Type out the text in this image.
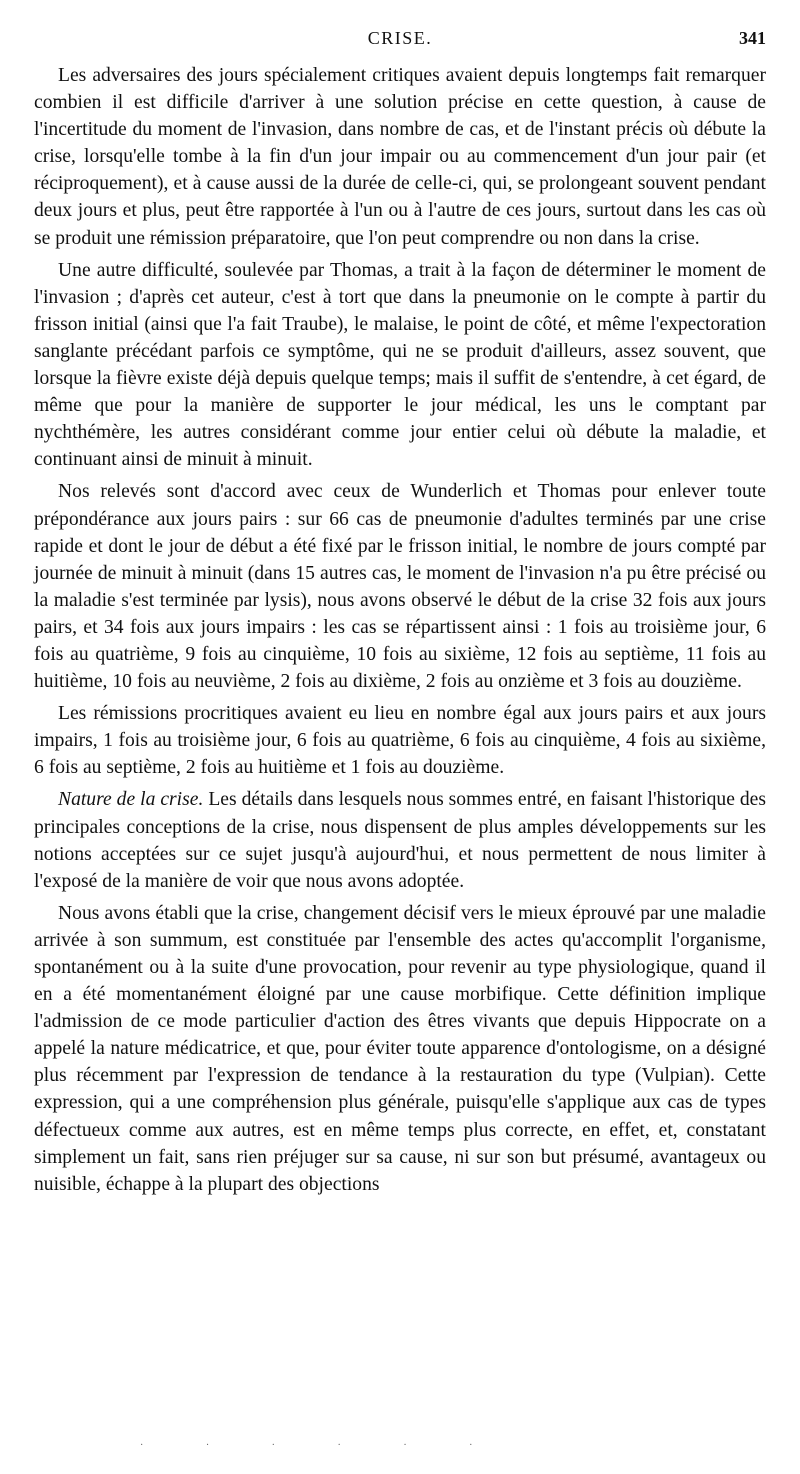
CRISE.	341

Les adversaires des jours spécialement critiques avaient depuis longtemps fait remarquer combien il est difficile d'arriver à une solution précise en cette question, à cause de l'incertitude du moment de l'invasion, dans nombre de cas, et de l'instant précis où débute la crise, lorsqu'elle tombe à la fin d'un jour impair ou au commencement d'un jour pair (et réciproquement), et à cause aussi de la durée de celle-ci, qui, se prolongeant souvent pendant deux jours et plus, peut être rapportée à l'un ou à l'autre de ces jours, surtout dans les cas où se produit une rémission préparatoire, que l'on peut comprendre ou non dans la crise.

Une autre difficulté, soulevée par Thomas, a trait à la façon de déterminer le moment de l'invasion ; d'après cet auteur, c'est à tort que dans la pneumonie on le compte à partir du frisson initial (ainsi que l'a fait Traube), le malaise, le point de côté, et même l'expectoration sanglante précédant parfois ce symptôme, qui ne se produit d'ailleurs, assez souvent, que lorsque la fièvre existe déjà depuis quelque temps; mais il suffit de s'entendre, à cet égard, de même que pour la manière de supporter le jour médical, les uns le comptant par nychthémère, les autres considérant comme jour entier celui où débute la maladie, et continuant ainsi de minuit à minuit.

Nos relevés sont d'accord avec ceux de Wunderlich et Thomas pour enlever toute prépondérance aux jours pairs : sur 66 cas de pneumonie d'adultes terminés par une crise rapide et dont le jour de début a été fixé par le frisson initial, le nombre de jours compté par journée de minuit à minuit (dans 15 autres cas, le moment de l'invasion n'a pu être précisé ou la maladie s'est terminée par lysis), nous avons observé le début de la crise 32 fois aux jours pairs, et 34 fois aux jours impairs : les cas se répartissent ainsi : 1 fois au troisième jour, 6 fois au quatrième, 9 fois au cinquième, 10 fois au sixième, 12 fois au septième, 11 fois au huitième, 10 fois au neuvième, 2 fois au dixième, 2 fois au onzième et 3 fois au douzième.

Les rémissions procritiques avaient eu lieu en nombre égal aux jours pairs et aux jours impairs, 1 fois au troisième jour, 6 fois au quatrième, 6 fois au cinquième, 4 fois au sixième, 6 fois au septième, 2 fois au huitième et 1 fois au douzième.

Nature de la crise. Les détails dans lesquels nous sommes entré, en faisant l'historique des principales conceptions de la crise, nous dispensent de plus amples développements sur les notions acceptées sur ce sujet jusqu'à aujourd'hui, et nous permettent de nous limiter à l'exposé de la manière de voir que nous avons adoptée.

Nous avons établi que la crise, changement décisif vers le mieux éprouvé par une maladie arrivée à son summum, est constituée par l'ensemble des actes qu'accomplit l'organisme, spontanément ou à la suite d'une provocation, pour revenir au type physiologique, quand il en a été momentanément éloigné par une cause morbifique. Cette définition implique l'admission de ce mode particulier d'action des êtres vivants que depuis Hippocrate on a appelé la nature médicatrice, et que, pour éviter toute apparence d'ontologisme, on a désigné plus récemment par l'expression de tendance à la restauration du type (Vulpian). Cette expression, qui a une compréhension plus générale, puisqu'elle s'applique aux cas de types défectueux comme aux autres, est en même temps plus correcte, en effet, et, constatant simplement un fait, sans rien préjuger sur sa cause, ni sur son but présumé, avantageux ou nuisible, échappe à la plupart des objections

· · · · · ·
